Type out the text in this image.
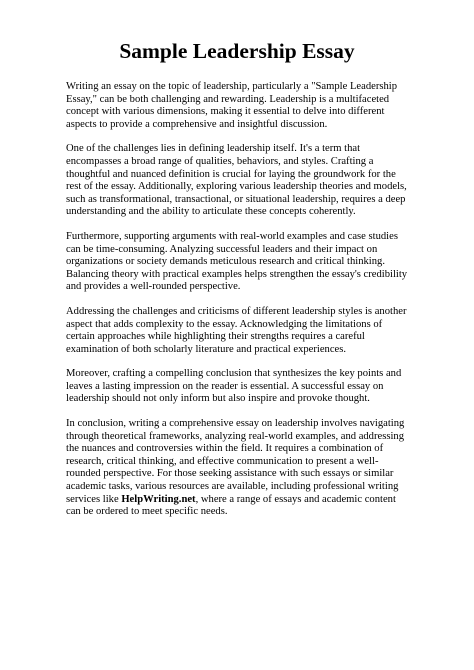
Sample Leadership Essay

Writing an essay on the topic of leadership, particularly a "Sample Leadership Essay," can be both challenging and rewarding. Leadership is a multifaceted concept with various dimensions, making it essential to delve into different aspects to provide a comprehensive and insightful discussion.

One of the challenges lies in defining leadership itself. It's a term that encompasses a broad range of qualities, behaviors, and styles. Crafting a thoughtful and nuanced definition is crucial for laying the groundwork for the rest of the essay. Additionally, exploring various leadership theories and models, such as transformational, transactional, or situational leadership, requires a deep understanding and the ability to articulate these concepts coherently.

Furthermore, supporting arguments with real-world examples and case studies can be time-consuming. Analyzing successful leaders and their impact on organizations or society demands meticulous research and critical thinking. Balancing theory with practical examples helps strengthen the essay's credibility and provides a well-rounded perspective.

Addressing the challenges and criticisms of different leadership styles is another aspect that adds complexity to the essay. Acknowledging the limitations of certain approaches while highlighting their strengths requires a careful examination of both scholarly literature and practical experiences.

Moreover, crafting a compelling conclusion that synthesizes the key points and leaves a lasting impression on the reader is essential. A successful essay on leadership should not only inform but also inspire and provoke thought.

In conclusion, writing a comprehensive essay on leadership involves navigating through theoretical frameworks, analyzing real-world examples, and addressing the nuances and controversies within the field. It requires a combination of research, critical thinking, and effective communication to present a well-rounded perspective. For those seeking assistance with such essays or similar academic tasks, various resources are available, including professional writing services like HelpWriting.net, where a range of essays and academic content can be ordered to meet specific needs.
